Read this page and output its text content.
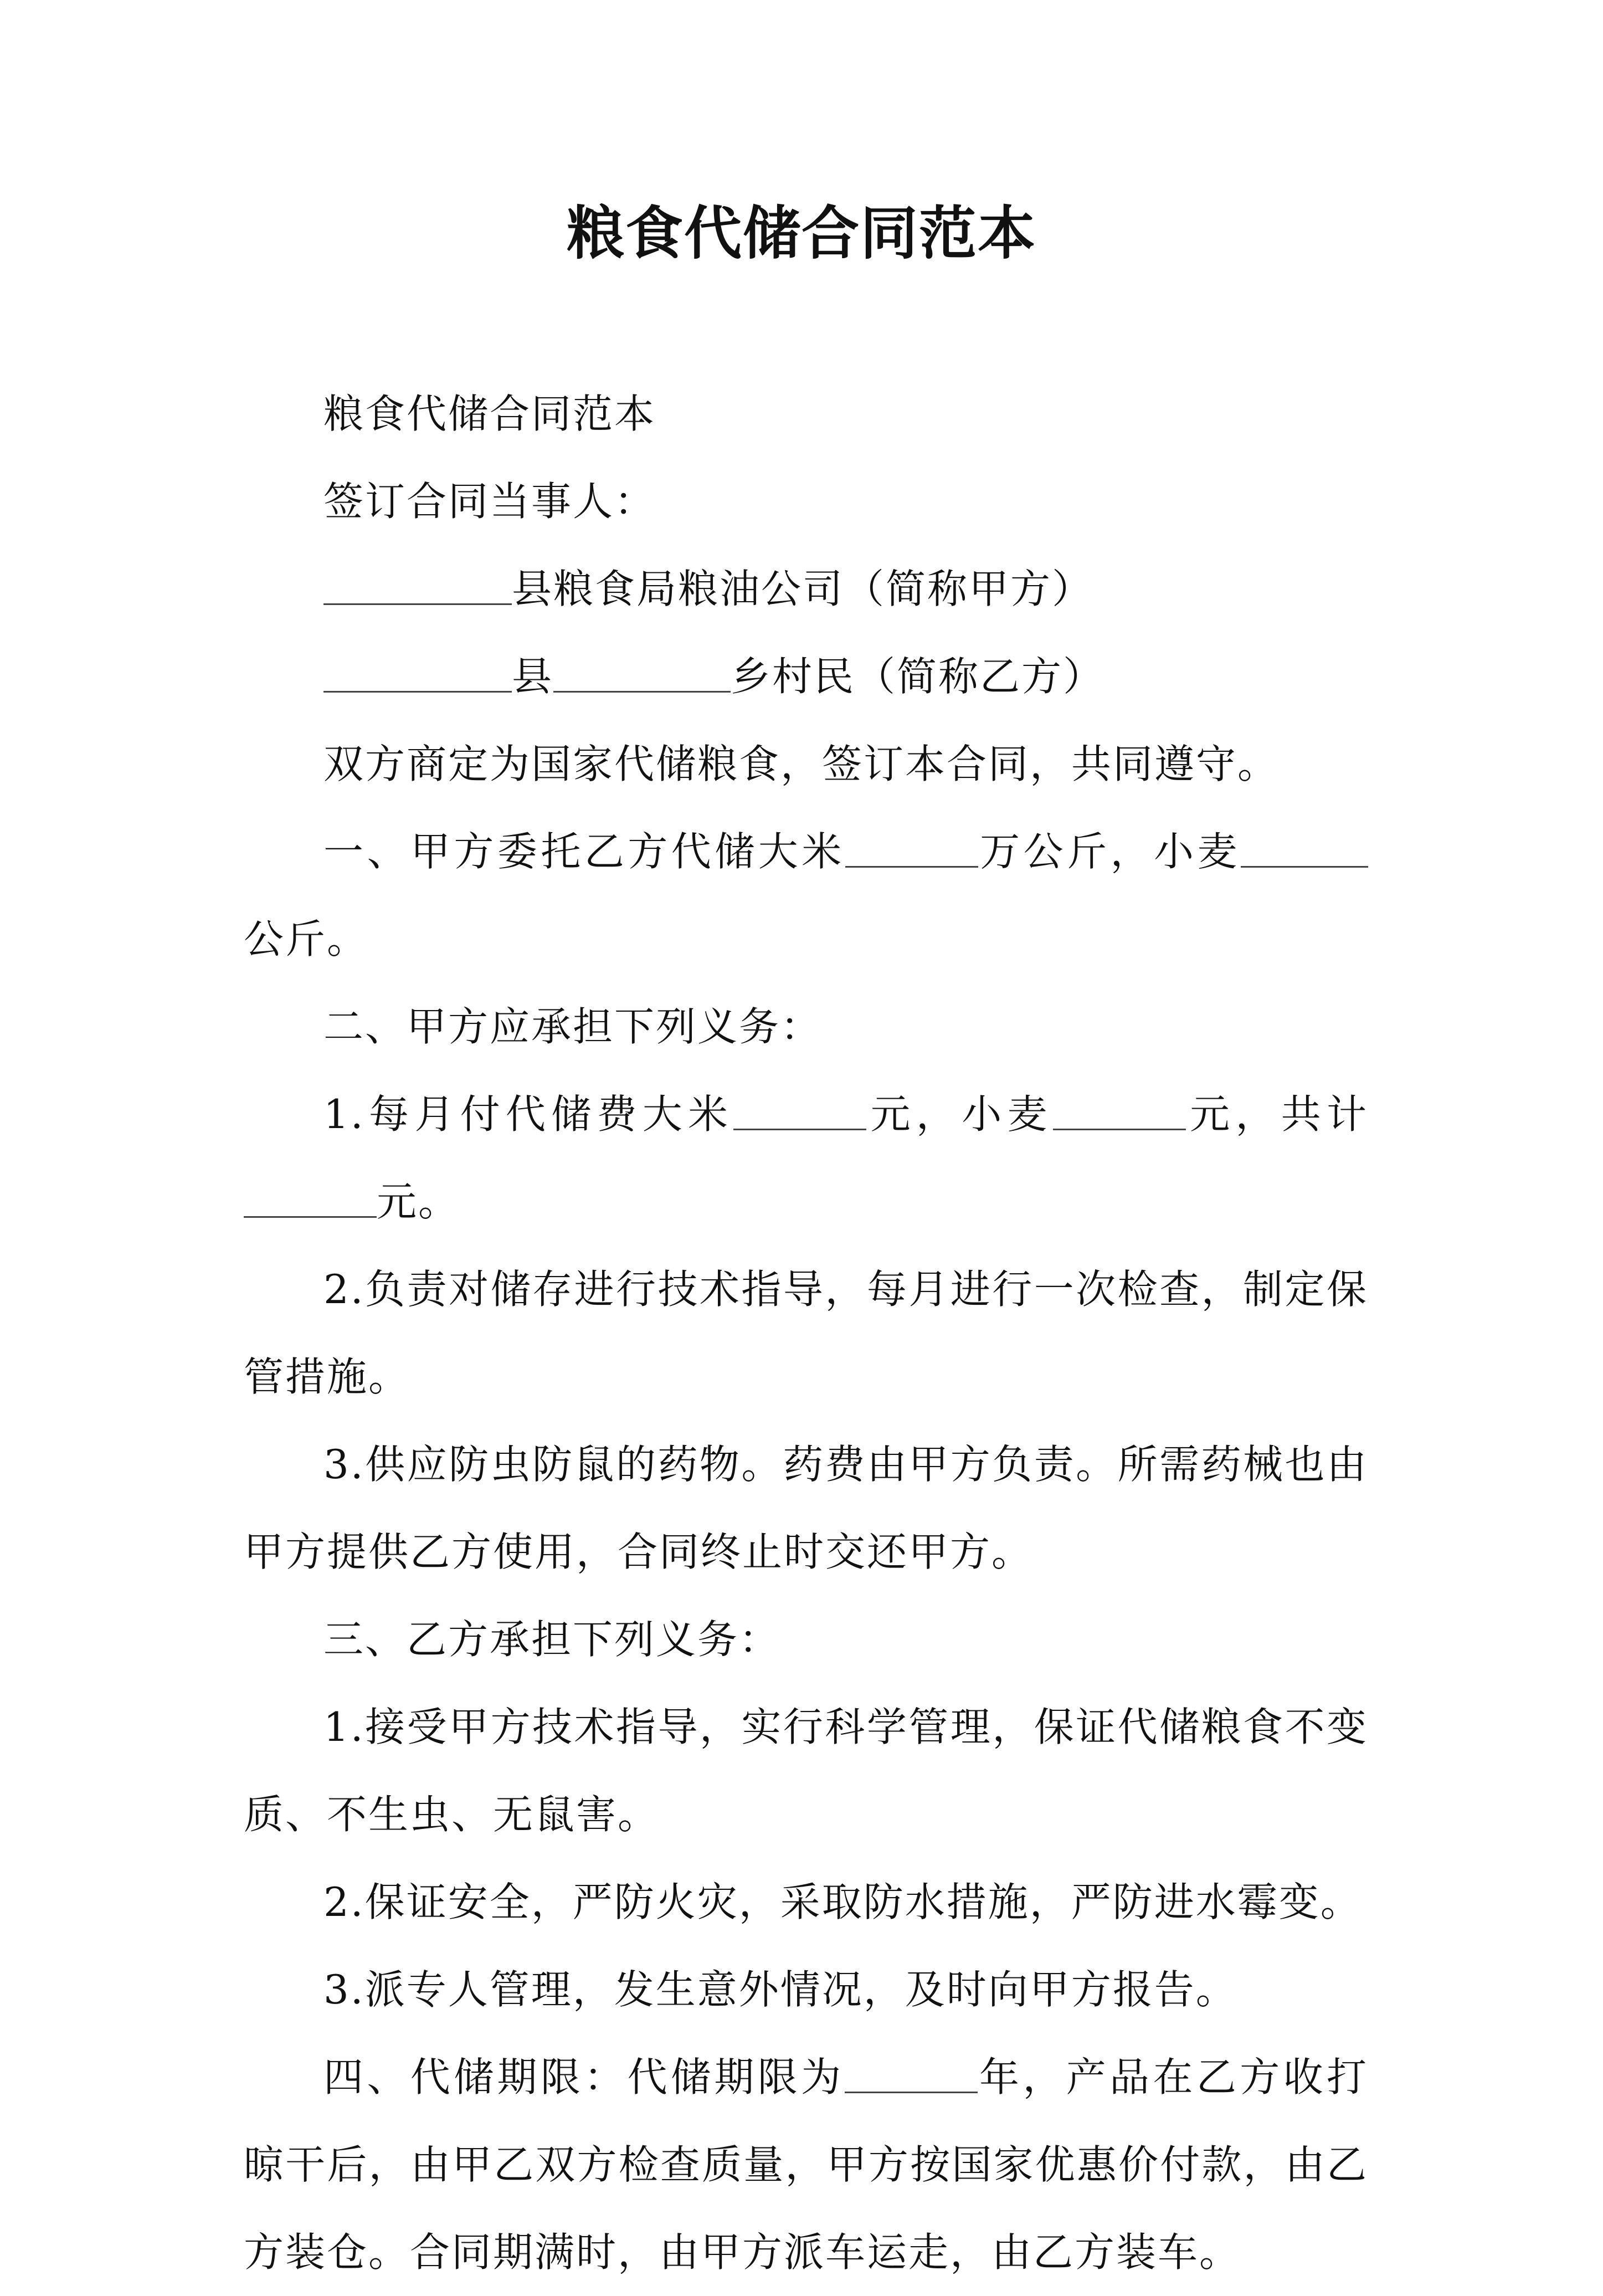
粮食代储合同范本

粮食代储合同范本

签订合同当事人：

县粮食局粮油公司（简称甲方）

县	乡村民（简称乙方）

双方商定为国家代储粮食，签订本合同，共同遵守。

一、甲方委托乙方代储大米	万公斤，小麦公斤。

二、甲方应承担下列义务：

1.每月付代储费大米	元，小麦	元，共计元。

2.负责对储存进行技术指导，每月进行一次检查，制定保管措施。

3.供应防虫防鼠的药物。药费由甲方负责。所需药械也由甲方提供乙方使用，合同终止时交还甲方。

三、乙方承担下列义务：

1.接受甲方技术指导，实行科学管理，保证代储粮食不变质、不生虫、无鼠害。

2.保证安全，严防火灾，采取防水措施，严防进水霉变。

3.派专人管理，发生意外情况，及时向甲方报告。

四、代储期限：代储期限为	年，产品在乙方收打晾干后，由甲乙双方检查质量，甲方按国家优惠价付款，由乙方装仓。合同期满时，由甲方派车运走，由乙方装车。
